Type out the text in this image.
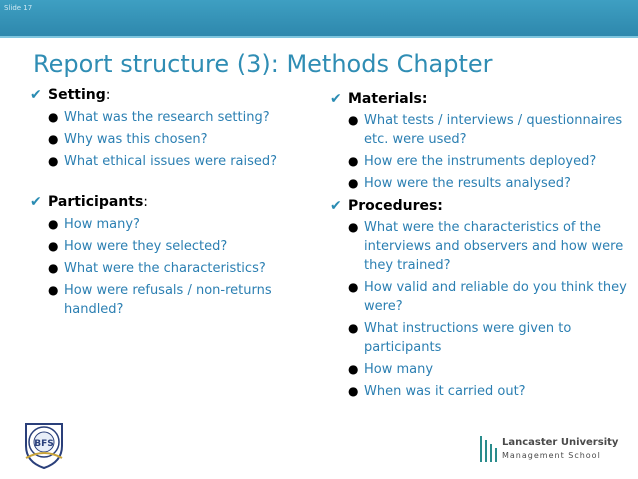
Slide 17
Report structure (3): Methods Chapter
✔ Setting:
● What was the research setting?
● Why was this chosen?
● What ethical issues were raised?
✔ Participants:
● How many?
● How were they selected?
● What were the characteristics?
● How were refusals / non-returns handled?
✔ Materials:
● What tests / interviews / questionnaires etc. were used?
● How ere the instruments deployed?
● How were the results analysed?
✔ Procedures:
● What were the characteristics of the interviews and observers and how were they trained?
● How valid and reliable do you think they were?
● What instructions were given to participants
● How many
● When was it carried out?
BFS	Lancaster University
Management School
